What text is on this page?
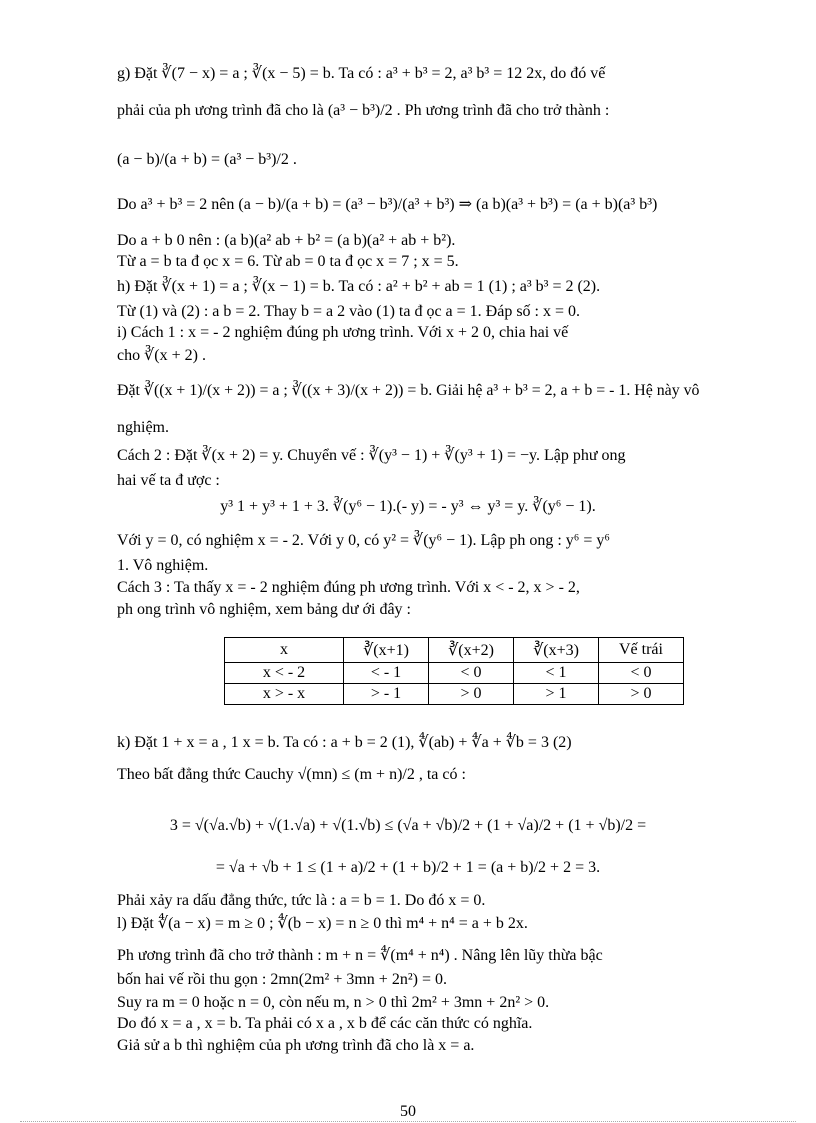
g) Đặt ∛(7 − x) = a ; ∛(x − 5) = b. Ta có : a³ + b³ = 2, a³ b³ = 12 2x, do đó vế
phải của ph ương trình đã cho là (a³ − b³)/2 . Ph ương trình đã cho trở thành :
(a − b)/(a + b) = (a³ − b³)/2 .
Do a³ + b³ = 2 nên (a − b)/(a + b) = (a³ − b³)/(a³ + b³) ⇒ (a b)(a³ + b³) = (a + b)(a³ b³)
Do a + b 0 nên : (a b)(a² ab + b² = (a b)(a² + ab + b²).
Từ a = b ta đ ọc x = 6. Từ ab = 0 ta đ ọc x = 7 ; x = 5.
h) Đặt ∛(x + 1) = a ; ∛(x − 1) = b. Ta có : a² + b² + ab = 1 (1) ; a³ b³ = 2 (2).
Từ (1) và (2) : a b = 2. Thay b = a 2 vào (1) ta đ ọc a = 1. Đáp số : x = 0.
i) Cách 1 : x = - 2 nghiệm đúng ph ương trình. Với x + 2 0, chia hai vế
cho ∛(x + 2) .
Đặt ∛((x + 1)/(x + 2)) = a ; ∛((x + 3)/(x + 2)) = b. Giải hệ a³ + b³ = 2, a + b = - 1. Hệ này vô
nghiệm.
Cách 2 : Đặt ∛(x + 2) = y. Chuyển vế : ∛(y³ − 1) + ∛(y³ + 1) = −y. Lập phư ong
hai vế ta đ ược :
y³ 1 + y³ + 1 + 3. ∛(y⁶ − 1).(- y) = - y³ ⇔ y³ = y. ∛(y⁶ − 1).
Với y = 0, có nghiệm x = - 2. Với y 0, có y² = ∛(y⁶ − 1). Lập ph ong : y⁶ = y⁶
1. Vô nghiệm.
Cách 3 : Ta thấy x = - 2 nghiệm đúng ph ương trình. Với x < - 2, x > - 2,
ph ong trình vô nghiệm, xem bảng dư ới đây :
x	∛(x+1)	∛(x+2)	∛(x+3)	Vế trái
x < - 2	< - 1	< 0	< 1	< 0
x > - x	> - 1	> 0	> 1	> 0
k) Đặt 1 + x = a , 1 x = b. Ta có : a + b = 2 (1), ∜(ab) + ∜a + ∜b = 3 (2)
Theo bất đẳng thức Cauchy √(mn) ≤ (m + n)/2 , ta có :
3 = √(√a.√b) + √(1.√a) + √(1.√b) ≤ (√a + √b)/2 + (1 + √a)/2 + (1 + √b)/2 =
= √a + √b + 1 ≤ (1 + a)/2 + (1 + b)/2 + 1 = (a + b)/2 + 2 = 3.
Phải xảy ra dấu đẳng thức, tức là : a = b = 1. Do đó x = 0.
l) Đặt ∜(a − x) = m ≥ 0 ; ∜(b − x) = n ≥ 0 thì m⁴ + n⁴ = a + b 2x.
Ph ương trình đã cho trở thành : m + n = ∜(m⁴ + n⁴) . Nâng lên lũy thừa bậc
bốn hai vế rồi thu gọn : 2mn(2m² + 3mn + 2n²) = 0.
Suy ra m = 0 hoặc n = 0, còn nếu m, n > 0 thì 2m² + 3mn + 2n² > 0.
Do đó x = a , x = b. Ta phải có x a , x b để các căn thức có nghĩa.
Giả sử a b thì nghiệm của ph ương trình đã cho là x = a.
50
